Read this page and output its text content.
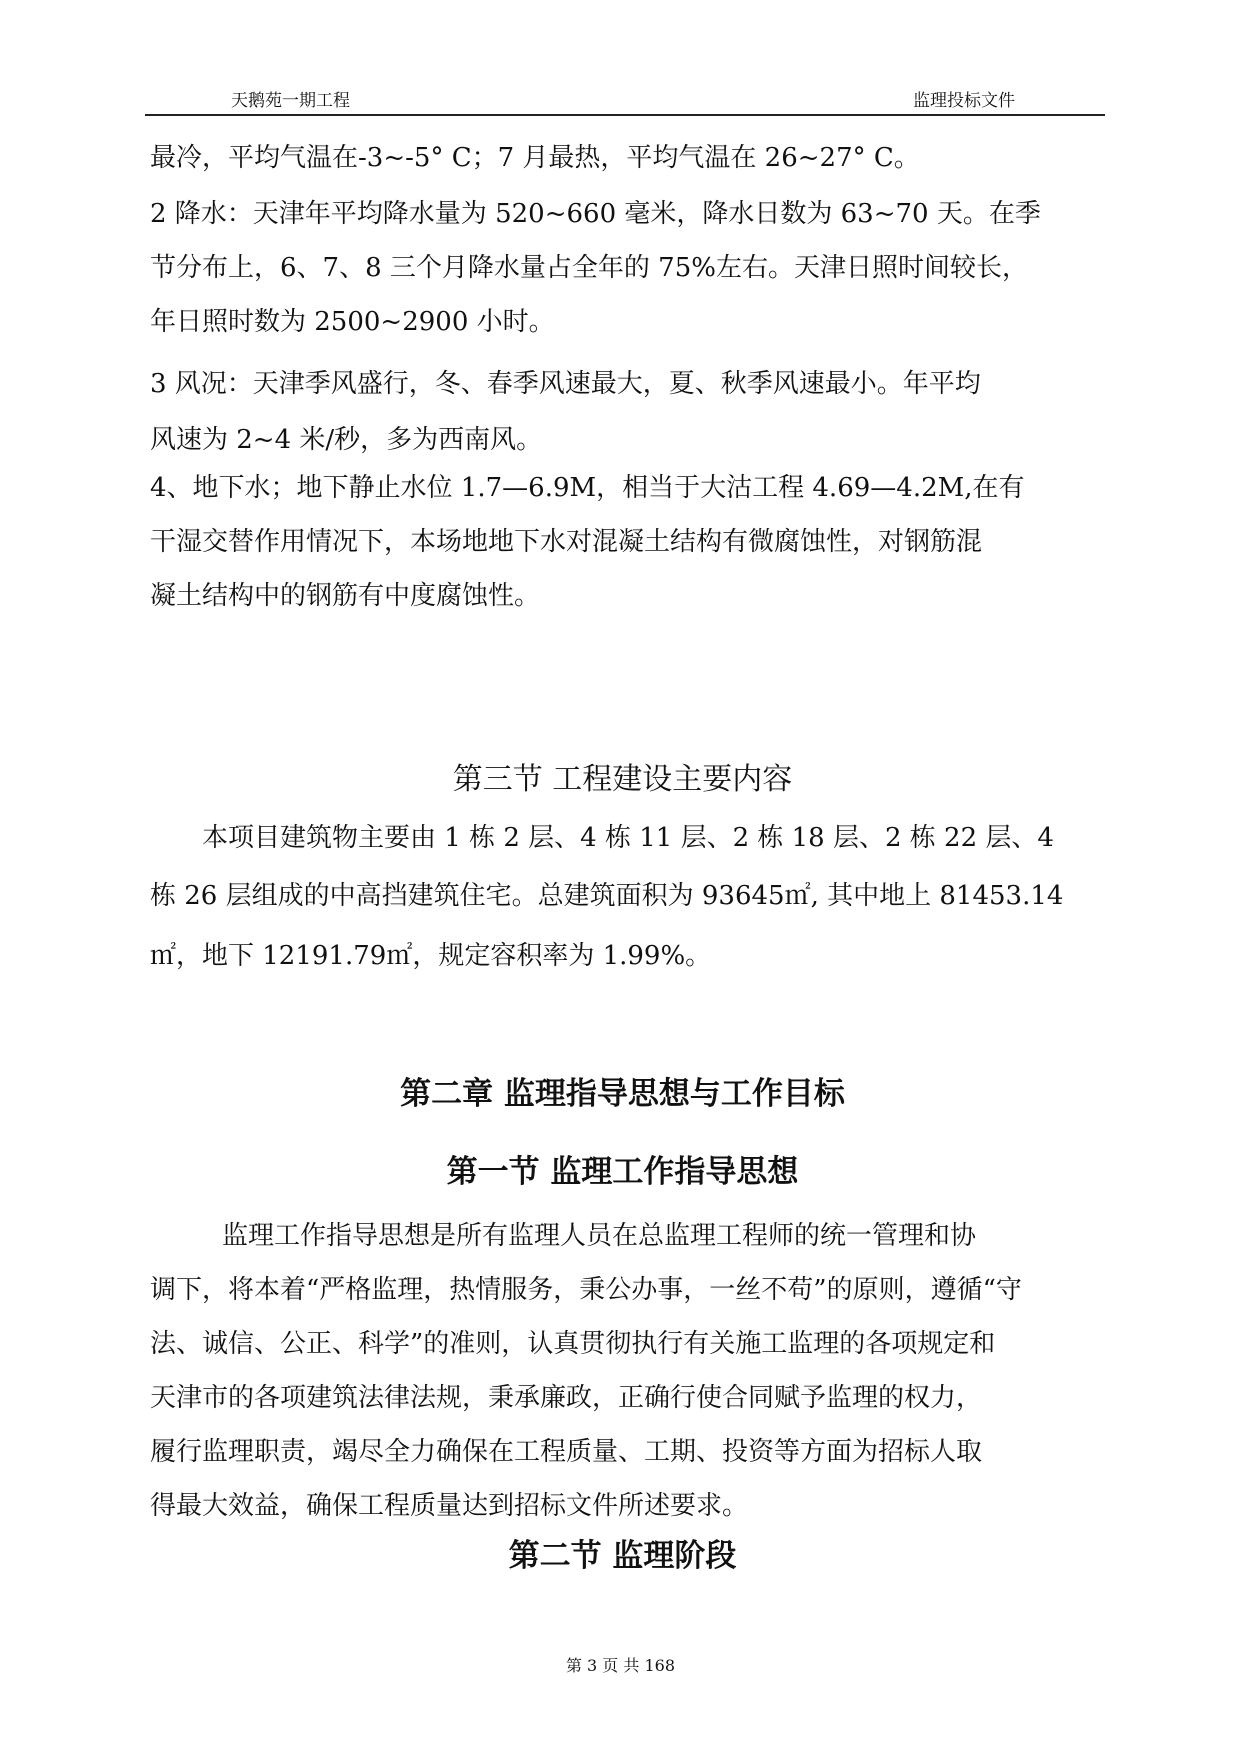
天鹅苑一期工程	监理投标文件
最冷，平均气温在-3~-5° C；7 月最热，平均气温在 26~27° C。
2 降水：天津年平均降水量为 520~660 毫米，降水日数为 63~70 天。在季
节分布上，6、7、8 三个月降水量占全年的 75%左右。天津日照时间较长，
年日照时数为 2500~2900 小时。
3 风况：天津季风盛行，冬、春季风速最大，夏、秋季风速最小。年平均
风速为 2~4 米/秒，多为西南风。
4、地下水；地下静止水位 1.7—6.9M，相当于大沽工程 4.69—4.2M,在有
干湿交替作用情况下，本场地地下水对混凝土结构有微腐蚀性，对钢筋混
凝土结构中的钢筋有中度腐蚀性。
第三节 工程建设主要内容
本项目建筑物主要由 1 栋 2 层、4 栋 11 层、2 栋 18 层、2 栋 22 层、4
栋 26 层组成的中高挡建筑住宅。总建筑面积为 93645㎡, 其中地上 81453.14
㎡，地下 12191.79㎡，规定容积率为 1.99%。
第二章 监理指导思想与工作目标
第一节 监理工作指导思想
监理工作指导思想是所有监理人员在总监理工程师的统一管理和协
调下，将本着“严格监理，热情服务，秉公办事，一丝不苟”的原则，遵循“守
法、诚信、公正、科学”的准则，认真贯彻执行有关施工监理的各项规定和
天津市的各项建筑法律法规，秉承廉政，正确行使合同赋予监理的权力，
履行监理职责，竭尽全力确保在工程质量、工期、投资等方面为招标人取
得最大效益，确保工程质量达到招标文件所述要求。
第二节 监理阶段
第 3 页 共 168
